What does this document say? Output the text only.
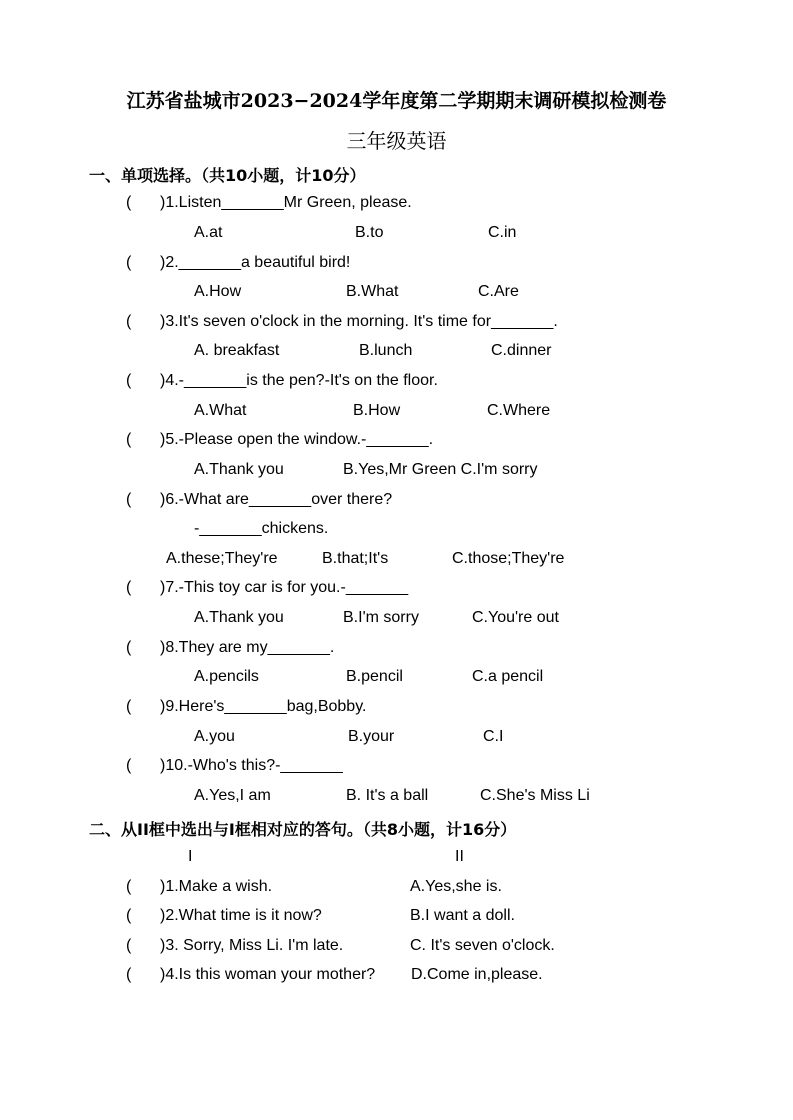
江苏省盐城市2023−2024学年度第二学期期末调研模拟检测卷
三年级英语
一、单项选择。（共10小题，计10分）
( )1.Listen_______Mr Green, please.
A.at	B.to	C.in
( )2._______a beautiful bird!
A.How	B.What	C.Are
( )3.It's seven o'clock in the morning. It's time for_______.
A. breakfast	B.lunch	C.dinner
( )4.-_______is the pen?-It's on the floor.
A.What	B.How	C.Where
( )5.-Please open the window.-_______.
A.Thank you	B.Yes,Mr Green C.I'm sorry
( )6.-What are_______over there?
-_______chickens.
A.these;They're	B.that;It's	C.those;They're
( )7.-This toy car is for you.-_______
A.Thank you	B.I'm sorry	C.You're out
( )8.They are my_______.
A.pencils	B.pencil	C.a pencil
( )9.Here's_______bag,Bobby.
A.you	B.your	C.I
( )10.-Who's this?-_______
A.Yes,I am	B. It's a ball	C.She's Miss Li
二、从II框中选出与I框相对应的答句。（共8小题，计16分）
I	II
( )1.Make a wish.	A.Yes,she is.
( )2.What time is it now?	B.I want a doll.
( )3. Sorry, Miss Li. I'm late.	C. It's seven o'clock.
( )4.Is this woman your mother? D.Come in,please.
